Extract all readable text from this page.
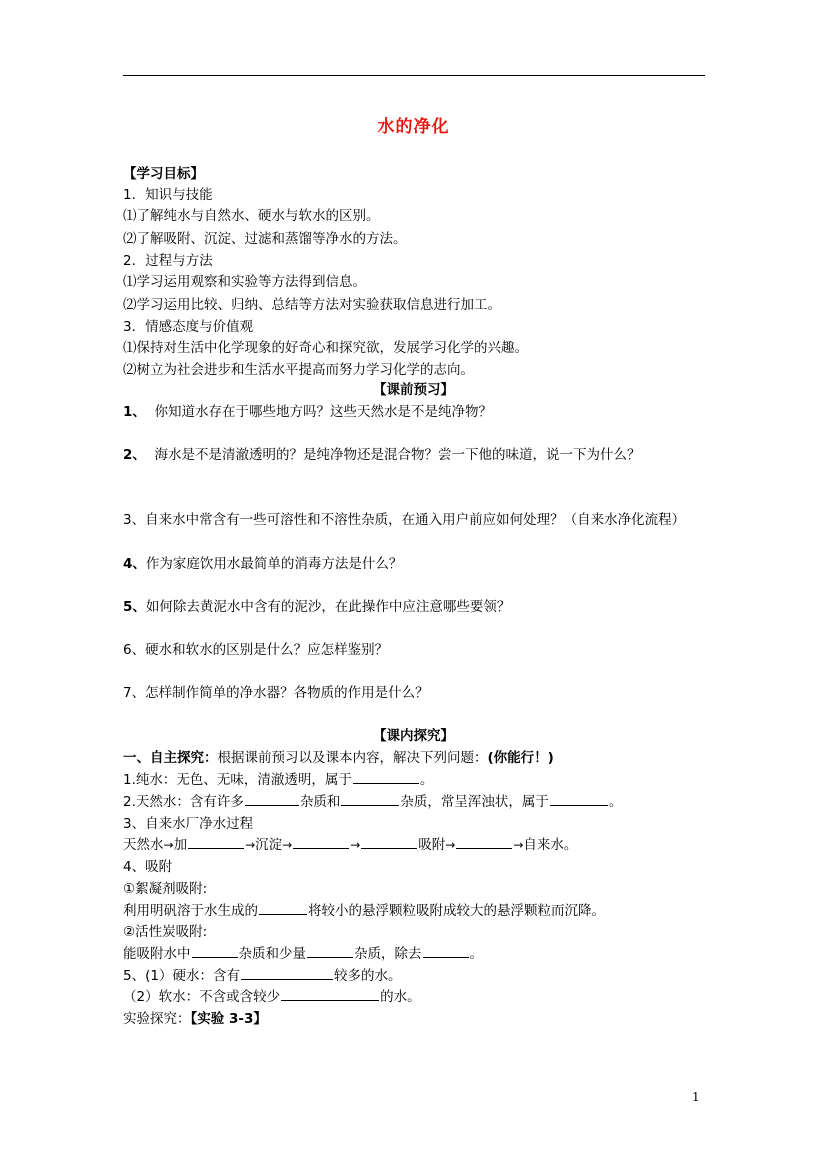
水的净化
【学习目标】
1．知识与技能
⑴了解纯水与自然水、硬水与软水的区别。
⑵了解吸附、沉淀、过滤和蒸馏等净水的方法。
2．过程与方法
⑴学习运用观察和实验等方法得到信息。
⑵学习运用比较、归纳、总结等方法对实验获取信息进行加工。
3．情感态度与价值观
⑴保持对生活中化学现象的好奇心和探究欲，发展学习化学的兴趣。
⑵树立为社会进步和生活水平提高而努力学习化学的志向。
【课前预习】
1、 你知道水存在于哪些地方吗？这些天然水是不是纯净物？
2、 海水是不是清澈透明的？是纯净物还是混合物？尝一下他的味道，说一下为什么？
3、自来水中常含有一些可溶性和不溶性杂质，在通入用户前应如何处理？（自来水净化流程）
4、作为家庭饮用水最简单的消毒方法是什么？
5、如何除去黄泥水中含有的泥沙，在此操作中应注意哪些要领？
6、硬水和软水的区别是什么？应怎样鉴别？
7、怎样制作简单的净水器？各物质的作用是什么？
【课内探究】
一、自主探究：根据课前预习以及课本内容，解决下列问题：(你能行！)
1.纯水：无色、无味，清澈透明，属于	。
2.天然水：含有许多	杂质和	杂质，常呈浑浊状，属于	。
3、自来水厂净水过程
天然水→加	→沉淀→	→	吸附→	→自来水。
4、吸附
①絮凝剂吸附:
利用明矾溶于水生成的	将较小的悬浮颗粒吸附成较大的悬浮颗粒而沉降。
②活性炭吸附:
能吸附水中	杂质和少量	杂质，除去	。
5、(1）硬水：含有	较多的水。
（2）软水：不含或含较少	的水。
实验探究：【实验 3-3】
1
